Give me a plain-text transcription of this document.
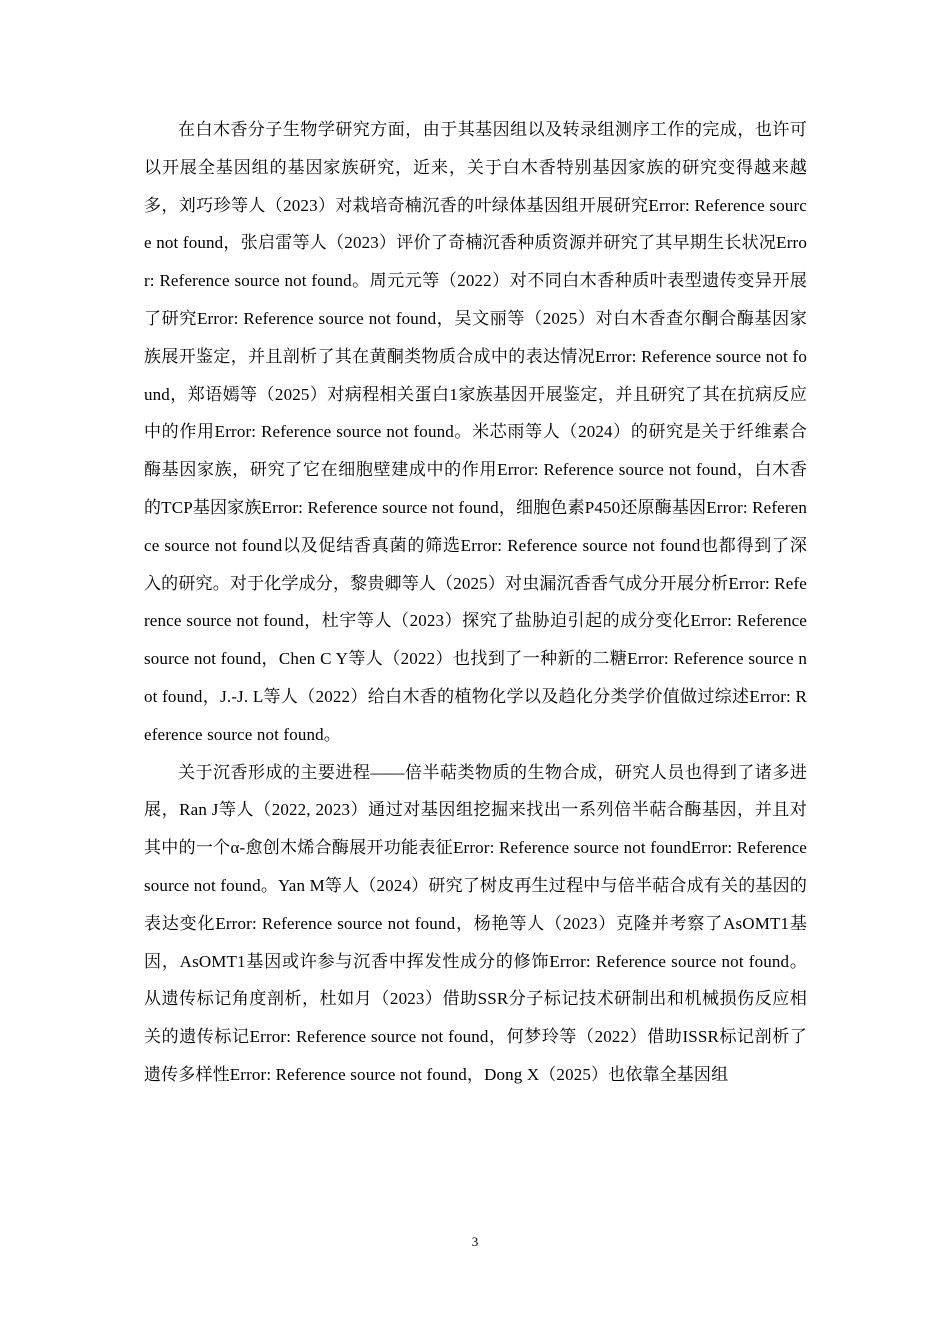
在白木香分子生物学研究方面，由于其基因组以及转录组测序工作的完成，也许可以开展全基因组的基因家族研究，近来，关于白木香特别基因家族的研究变得越来越多，刘巧珍等人（2023）对栽培奇楠沉香的叶绿体基因组开展研究Error: Reference source not found，张启雷等人（2023）评价了奇楠沉香种质资源并研究了其早期生长状况Error: Reference source not found。周元元等（2022）对不同白木香种质叶表型遗传变异开展了研究Error: Reference source not found，吴文丽等（2025）对白木香查尔酮合酶基因家族展开鉴定，并且剖析了其在黄酮类物质合成中的表达情况Error: Reference source not found，郑语嫣等（2025）对病程相关蛋白1家族基因开展鉴定，并且研究了其在抗病反应中的作用Error: Reference source not found。米芯雨等人（2024）的研究是关于纤维素合酶基因家族，研究了它在细胞壁建成中的作用Error: Reference source not found，白木香的TCP基因家族Error: Reference source not found，细胞色素P450还原酶基因Error: Reference source not found以及促结香真菌的筛选Error: Reference source not found也都得到了深入的研究。对于化学成分，黎贵卿等人（2025）对虫漏沉香香气成分开展分析Error: Reference source not found，杜宇等人（2023）探究了盐胁迫引起的成分变化Error: Reference source not found，Chen C Y等人（2022）也找到了一种新的二糖Error: Reference source not found，J.-J. L等人（2022）给白木香的植物化学以及趋化分类学价值做过综述Error: Reference source not found。

关于沉香形成的主要进程——倍半萜类物质的生物合成，研究人员也得到了诸多进展，Ran J等人（2022, 2023）通过对基因组挖掘来找出一系列倍半萜合酶基因，并且对其中的一个α-愈创木烯合酶展开功能表征Error: Reference source not foundError: Reference source not found。Yan M等人（2024）研究了树皮再生过程中与倍半萜合成有关的基因的表达变化Error: Reference source not found，杨艳等人（2023）克隆并考察了AsOMT1基因，AsOMT1基因或许参与沉香中挥发性成分的修饰Error: Reference source not found。从遗传标记角度剖析，杜如月（2023）借助SSR分子标记技术研制出和机械损伤反应相关的遗传标记Error: Reference source not found，何梦玲等（2022）借助ISSR标记剖析了遗传多样性Error: Reference source not found，Dong X（2025）也依靠全基因组

3
